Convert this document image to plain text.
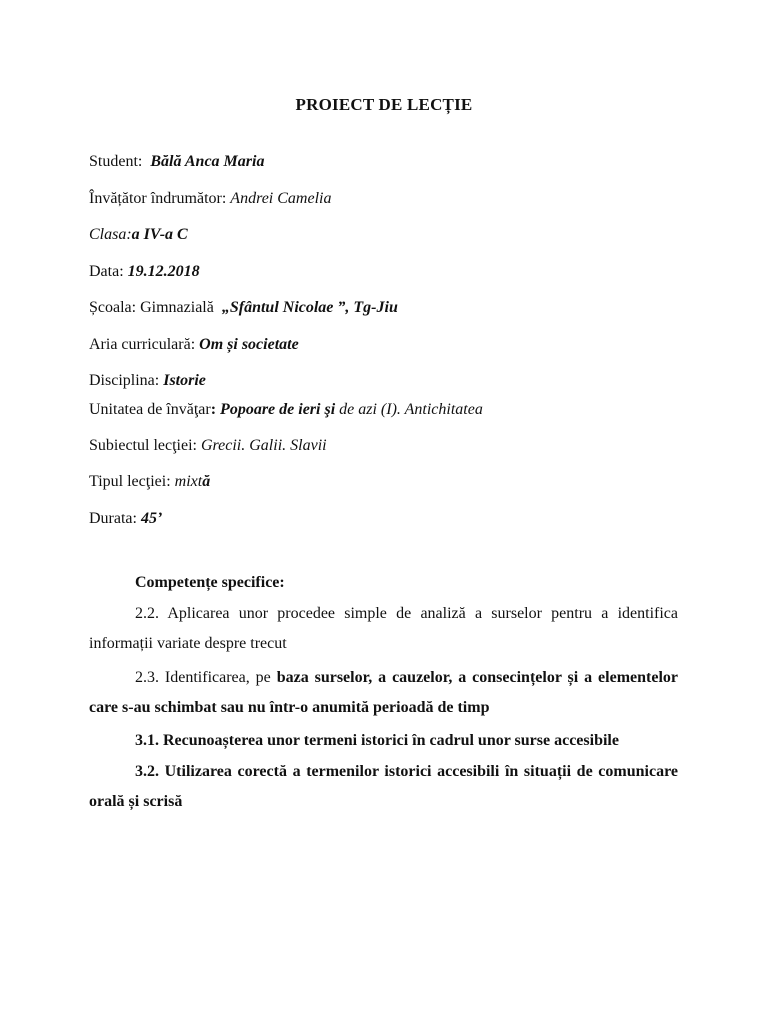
PROIECT DE LECȚIE
Student:  Bălă Anca Maria
Învățător îndrumător: Andrei Camelia
Clasa:a IV-a C
Data: 19.12.2018
Școala: Gimnazială  „Sfântul Nicolae ”, Tg-Jiu
Aria curriculară: Om și societate
Disciplina: Istorie
Unitatea de învăţar: Popoare de ieri şi de azi (I). Antichitatea
Subiectul lecţiei: Grecii. Galii. Slavii
Tipul lecţiei: mixtă
Durata: 45’
Competențe specifice:
2.2. Aplicarea unor procedee simple de analiză a surselor pentru a identifica informații variate despre trecut
2.3. Identificarea, pe baza surselor, a cauzelor, a consecințelor și a elementelor care s-au schimbat sau nu într-o anumită perioadă de timp
3.1. Recunoașterea unor termeni istorici în cadrul unor surse accesibile
3.2. Utilizarea corectă a termenilor istorici accesibili în situații de comunicare orală și scrisă
